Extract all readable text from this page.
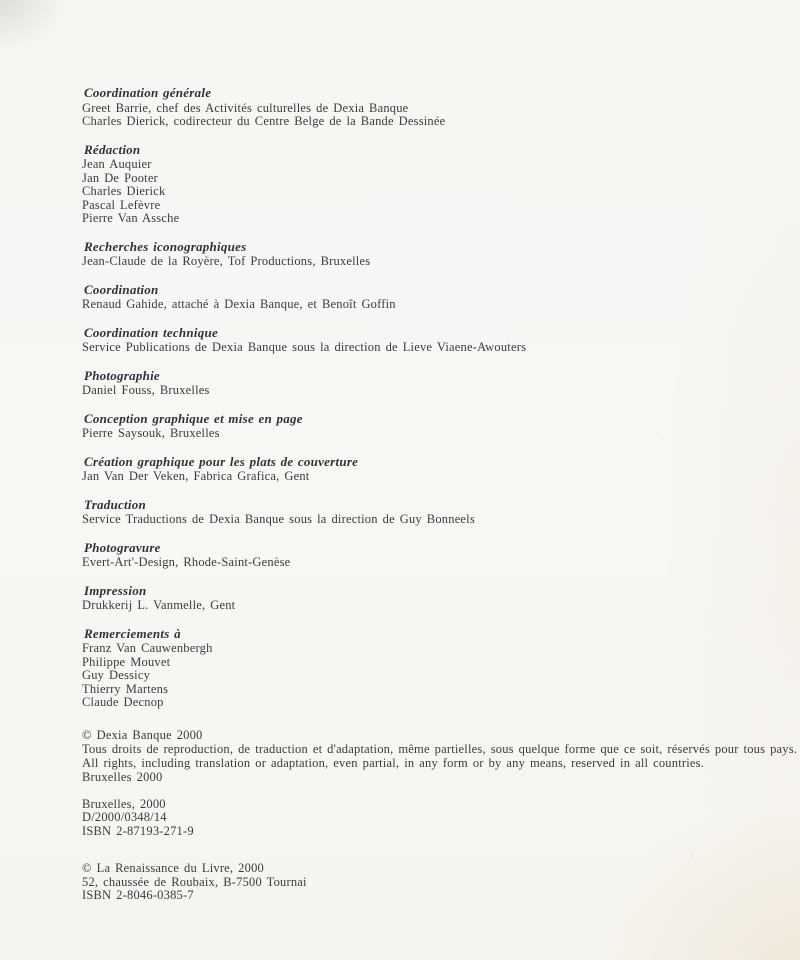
Coordination générale
Greet Barrie, chef des Activités culturelles de Dexia Banque
Charles Dierick, codirecteur du Centre Belge de la Bande Dessinée
Rédaction
Jean Auquier
Jan De Pooter
Charles Dierick
Pascal Lefèvre
Pierre Van Assche
Recherches iconographiques
Jean-Claude de la Royère, Tof Productions, Bruxelles
Coordination
Renaud Gahide, attaché à Dexia Banque, et Benoît Goffin
Coordination technique
Service Publications de Dexia Banque sous la direction de Lieve Viaene-Awouters
Photographie
Daniel Fouss, Bruxelles
Conception graphique et mise en page
Pierre Saysouk, Bruxelles
Création graphique pour les plats de couverture
Jan Van Der Veken, Fabrica Grafica, Gent
Traduction
Service Traductions de Dexia Banque sous la direction de Guy Bonneels
Photogravure
Evert-Art'-Design, Rhode-Saint-Genèse
Impression
Drukkerij L. Vanmelle, Gent
Remerciements à
Franz Van Cauwenbergh
Philippe Mouvet
Guy Dessicy
Thierry Martens
Claude Decnop
© Dexia Banque 2000
Tous droits de reproduction, de traduction et d'adaptation, même partielles, sous quelque forme que ce soit, réservés pour tous pays.
All rights, including translation or adaptation, even partial, in any form or by any means, reserved in all countries.
Bruxelles 2000
Bruxelles, 2000
D/2000/0348/14
ISBN 2-87193-271-9
© La Renaissance du Livre, 2000
52, chaussée de Roubaix, B-7500 Tournai
ISBN 2-8046-0385-7
